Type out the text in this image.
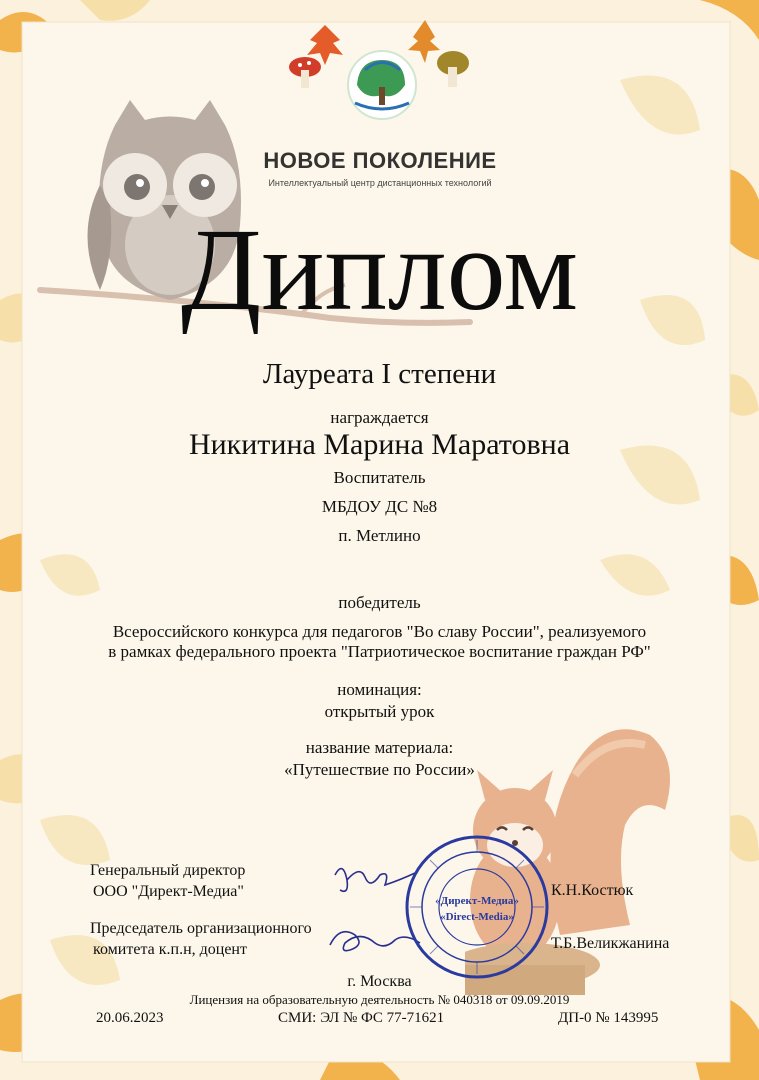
НОВОЕ ПОКОЛЕНИЕ
Интеллектуальный центр дистанционных технологий
Диплом
Лауреата I степени
награждается
Никитина Марина Маратовна
Воспитатель
МБДОУ ДС №8
п. Метлино
победитель
Всероссийского конкурса для педагогов "Во славу России", реализуемого
в рамках федерального проекта "Патриотическое воспитание граждан РФ"
номинация:
открытый урок
название материала:
«Путешествие по России»
Генеральный директор
ООО "Директ-Медиа"
Председатель организационного
комитета к.п.н, доцент
К.Н.Костюк
Т.Б.Великжанина
«Директ-Медиа»
«Direct-Media»
г. Москва
Лицензия на образовательную деятельность № 040318 от 09.09.2019
20.06.2023	СМИ: ЭЛ № ФС 77-71621	ДП-0 № 143995
